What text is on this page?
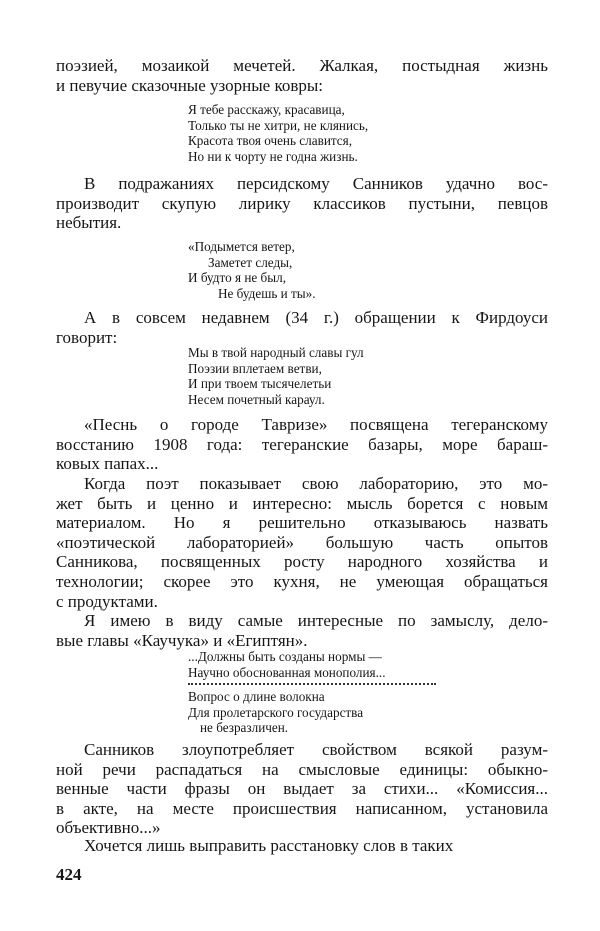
поэзией, мозаикой мечетей. Жалкая, постыдная жизнь
и певучие сказочные узорные ковры:
Я тебе расскажу, красавица,
Только ты не хитри, не клянись,
Красота твоя очень славится,
Но ни к чорту не годна жизнь.
В подражаниях персидскому Санников удачно вос-
производит скупую лирику классиков пустыни, певцов
небытия.
«Подымется ветер,
Заметет следы,
И будто я не был,
Не будешь и ты».
А в совсем недавнем (34 г.) обращении к Фирдоуси
говорит:
Мы в твой народный славы гул
Поэзии вплетаем ветви,
И при твоем тысячелетьи
Несем почетный караул.
«Песнь о городе Тавризе» посвящена тегеранскому
восстанию 1908 года: тегеранские базары, море бараш-
ковых папах...
Когда поэт показывает свою лабораторию, это мо-
жет быть и ценно и интересно: мысль борется с новым
материалом. Но я решительно отказываюсь назвать
«поэтической лабораторией» большую часть опытов
Санникова, посвященных росту народного хозяйства и
технологии; скорее это кухня, не умеющая обращаться
с продуктами.
Я имею в виду самые интересные по замыслу, дело-
вые главы «Каучука» и «Египтян».
...Должны быть созданы нормы —
Научно обоснованная монополия...
Вопрос о длине волокна
Для пролетарского государства
не безразличен.
Санников злоупотребляет свойством всякой разум-
ной речи распадаться на смысловые единицы: обыкно-
венные части фразы он выдает за стихи... «Комиссия...
в акте, на месте происшествия написанном, установила
объективно...»
Хочется лишь выправить расстановку слов в таких
424
